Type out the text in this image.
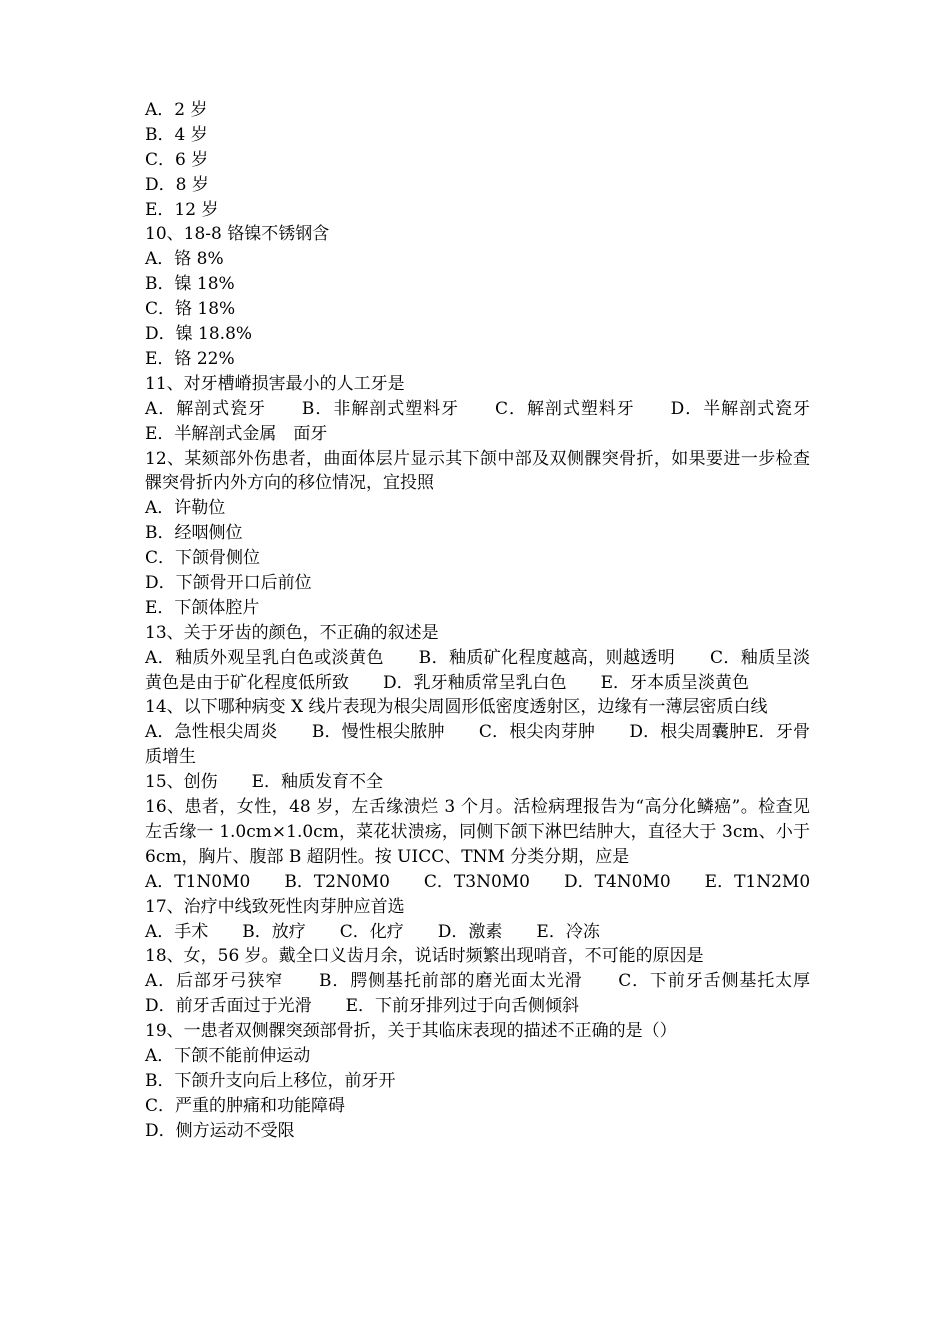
A．2 岁
B．4 岁
C．6 岁
D．8 岁
E．12 岁
10、18-8 铬镍不锈钢含
A．铬 8%
B．镍 18%
C．铬 18%
D．镍 18.8%
E．铬 22%
11、对牙槽嵴损害最小的人工牙是
A．解剖式瓷牙　　B．非解剖式塑料牙　　C．解剖式塑料牙　　D．半解剖式瓷牙　　E．半解剖式金属　面牙
12、某颏部外伤患者，曲面体层片显示其下颌中部及双侧髁突骨折，如果要进一步检查髁突骨折内外方向的移位情况，宜投照
A．许勒位
B．经咽侧位
C．下颌骨侧位
D．下颌骨开口后前位
E．下颌体腔片
13、关于牙齿的颜色，不正确的叙述是
A．釉质外观呈乳白色或淡黄色　　B．釉质矿化程度越高，则越透明　　C．釉质呈淡黄色是由于矿化程度低所致　　D．乳牙釉质常呈乳白色　　E．牙本质呈淡黄色
14、以下哪种病变 X 线片表现为根尖周圆形低密度透射区，边缘有一薄层密质白线
A．急性根尖周炎　　B．慢性根尖脓肿　　C．根尖肉芽肿　　D．根尖周囊肿E．牙骨质增生
15、创伤　　E．釉质发育不全
16、患者，女性，48 岁，左舌缘溃烂 3 个月。活检病理报告为“高分化鳞癌”。检查见左舌缘一 1.0cm×1.0cm，菜花状溃疡，同侧下颌下淋巴结肿大，直径大于 3cm、小于 6cm，胸片、腹部 B 超阴性。按 UICC、TNM 分类分期，应是
A．T1N0M0　　B．T2N0M0　　C．T3N0M0　　D．T4N0M0　　E．T1N2M0
17、治疗中线致死性肉芽肿应首选
A．手术　　B．放疗　　C．化疗　　D．激素　　E．冷冻
18、女，56 岁。戴全口义齿月余，说话时频繁出现哨音，不可能的原因是
A．后部牙弓狭窄　　B．腭侧基托前部的磨光面太光滑　　C．下前牙舌侧基托太厚　　D．前牙舌面过于光滑　　E．下前牙排列过于向舌侧倾斜
19、一患者双侧髁突颈部骨折，关于其临床表现的描述不正确的是（）
A．下颌不能前伸运动
B．下颌升支向后上移位，前牙开
C．严重的肿痛和功能障碍
D．侧方运动不受限
